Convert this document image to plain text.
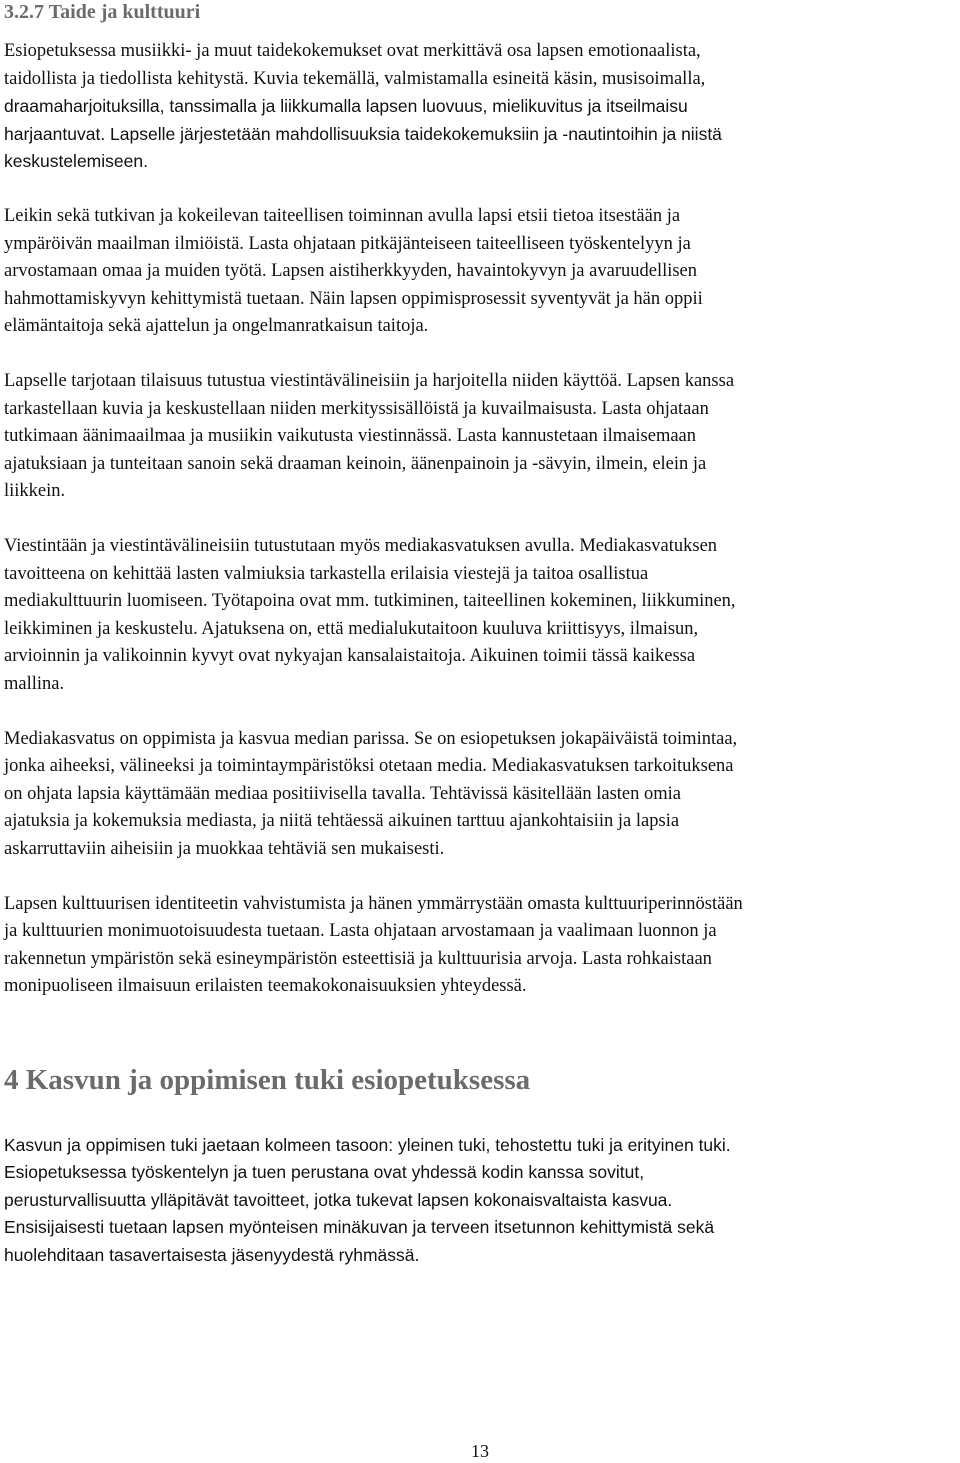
3.2.7 Taide ja kulttuuri
Esiopetuksessa musiikki- ja muut taidekokemukset ovat merkittävä osa lapsen emotionaalista,
taidollista ja tiedollista kehitystä. Kuvia tekemällä, valmistamalla esineitä käsin, musisoimalla,
draamaharjoituksilla, tanssimalla ja liikkumalla lapsen luovuus, mielikuvitus ja itseilmaisu
harjaantuvat. Lapselle järjestetään mahdollisuuksia taidekokemuksiin ja -nautintoihin ja niistä
keskustelemiseen.
Leikin sekä tutkivan ja kokeilevan taiteellisen toiminnan avulla lapsi etsii tietoa itsestään ja
ympäröivän maailman ilmiöistä. Lasta ohjataan pitkäjänteiseen taiteelliseen työskentelyyn ja
arvostamaan omaa ja muiden työtä. Lapsen aistiherkkyyden, havaintokyvyn ja avaruudellisen
hahmottamiskyvyn kehittymistä tuetaan. Näin lapsen oppimisprosessit syventyvät ja hän oppii
elämäntaitoja sekä ajattelun ja ongelmanratkaisun taitoja.
Lapselle tarjotaan tilaisuus tutustua viestintävälineisiin ja harjoitella niiden käyttöä. Lapsen kanssa
tarkastellaan kuvia ja keskustellaan niiden merkityssisällöistä ja kuvailmaisusta. Lasta ohjataan
tutkimaan äänimaailmaa ja musiikin vaikutusta viestinnässä. Lasta kannustetaan ilmaisemaan
ajatuksiaan ja tunteitaan sanoin sekä draaman keinoin, äänenpainoin ja -sävyin, ilmein, elein ja
liikkein.
Viestintään ja viestintävälineisiin tutustutaan myös mediakasvatuksen avulla. Mediakasvatuksen
tavoitteena on kehittää lasten valmiuksia tarkastella erilaisia viestejä ja taitoa osallistua
mediakulttuurin luomiseen. Työtapoina ovat mm. tutkiminen, taiteellinen kokeminen, liikkuminen,
leikkiminen ja keskustelu. Ajatuksena on, että medialukutaitoon kuuluva kriittisyys, ilmaisun,
arvioinnin ja valikoinnin kyvyt ovat nykyajan kansalaistaitoja. Aikuinen toimii tässä kaikessa
mallina.
Mediakasvatus on oppimista ja kasvua median parissa. Se on esiopetuksen jokapäiväistä toimintaa,
jonka aiheeksi, välineeksi ja toimintaympäristöksi otetaan media. Mediakasvatuksen tarkoituksena
on ohjata lapsia käyttämään mediaa positiivisella tavalla. Tehtävissä käsitellään lasten omia
ajatuksia ja kokemuksia mediasta, ja niitä tehtäessä aikuinen tarttuu ajankohtaisiin ja lapsia
askarruttaviin aiheisiin ja muokkaa tehtäviä sen mukaisesti.
Lapsen kulttuurisen identiteetin vahvistumista ja hänen ymmärrystään omasta kulttuuriperinnöstään
ja kulttuurien monimuotoisuudesta tuetaan. Lasta ohjataan arvostamaan ja vaalimaan luonnon ja
rakennetun ympäristön sekä esineympäristön esteettisiä ja kulttuurisia arvoja. Lasta rohkaistaan
monipuoliseen ilmaisuun erilaisten teemakokonaisuuksien yhteydessä.
4 Kasvun ja oppimisen tuki esiopetuksessa
Kasvun ja oppimisen tuki jaetaan kolmeen tasoon: yleinen tuki, tehostettu tuki ja erityinen tuki.
Esiopetuksessa työskentelyn ja tuen perustana ovat yhdessä kodin kanssa sovitut,
perusturvallisuutta ylläpitävät tavoitteet, jotka tukevat lapsen kokonaisvaltaista kasvua.
Ensisijaisesti tuetaan lapsen myönteisen minäkuvan ja terveen itsetunnon kehittymistä sekä
huolehditaan tasavertaisesta jäsenyydestä ryhmässä.
13
